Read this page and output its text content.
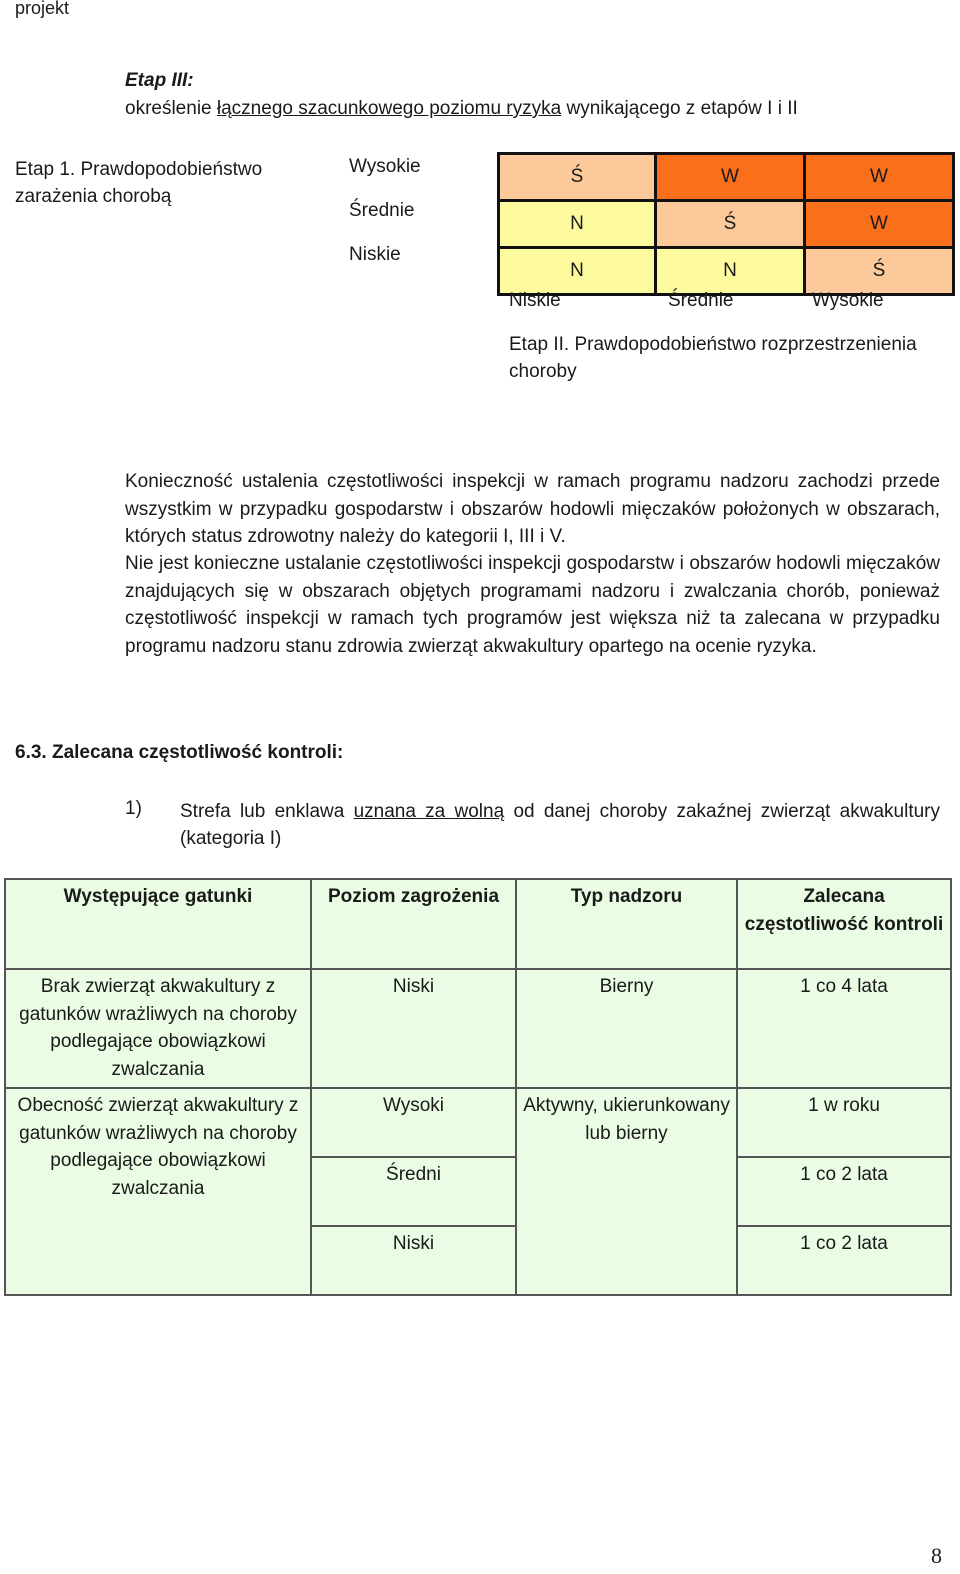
projekt
Etap III:
określenie łącznego szacunkowego poziomu ryzyka wynikającego z etapów I i II
Etap 1. Prawdopodobieństwo zarażenia chorobą
Wysokie
Średnie
Niskie
Ś	W	W
N	Ś	W
N	N	Ś
Niskie	Średnie	Wysokie
Etap II. Prawdopodobieństwo rozprzestrzenienia choroby
Konieczność ustalenia częstotliwości inspekcji w ramach programu nadzoru zachodzi przede wszystkim w przypadku gospodarstw i obszarów hodowli mięczaków położonych w obszarach, których status zdrowotny należy do kategorii I, III i V.
Nie jest konieczne ustalanie częstotliwości inspekcji gospodarstw i obszarów hodowli mięczaków znajdujących się w obszarach objętych programami nadzoru i zwalczania chorób, ponieważ częstotliwość inspekcji w ramach tych programów jest większa niż ta zalecana w przypadku programu nadzoru stanu zdrowia zwierząt akwakultury opartego na ocenie ryzyka.
6.3. Zalecana częstotliwość kontroli:
1) Strefa lub enklawa uznana za wolną od danej choroby zakaźnej zwierząt akwakultury (kategoria I)
Występujące gatunki	Poziom zagrożenia	Typ nadzoru	Zalecana częstotliwość kontroli
Brak zwierząt akwakultury z gatunków wrażliwych na choroby podlegające obowiązkowi zwalczania	Niski	Bierny	1 co 4 lata
Obecność zwierząt akwakultury z gatunków wrażliwych na choroby podlegające obowiązkowi zwalczania	Wysoki	Aktywny, ukierunkowany lub bierny	1 w roku
	Średni		1 co 2 lata
	Niski		1 co 2 lata
8
